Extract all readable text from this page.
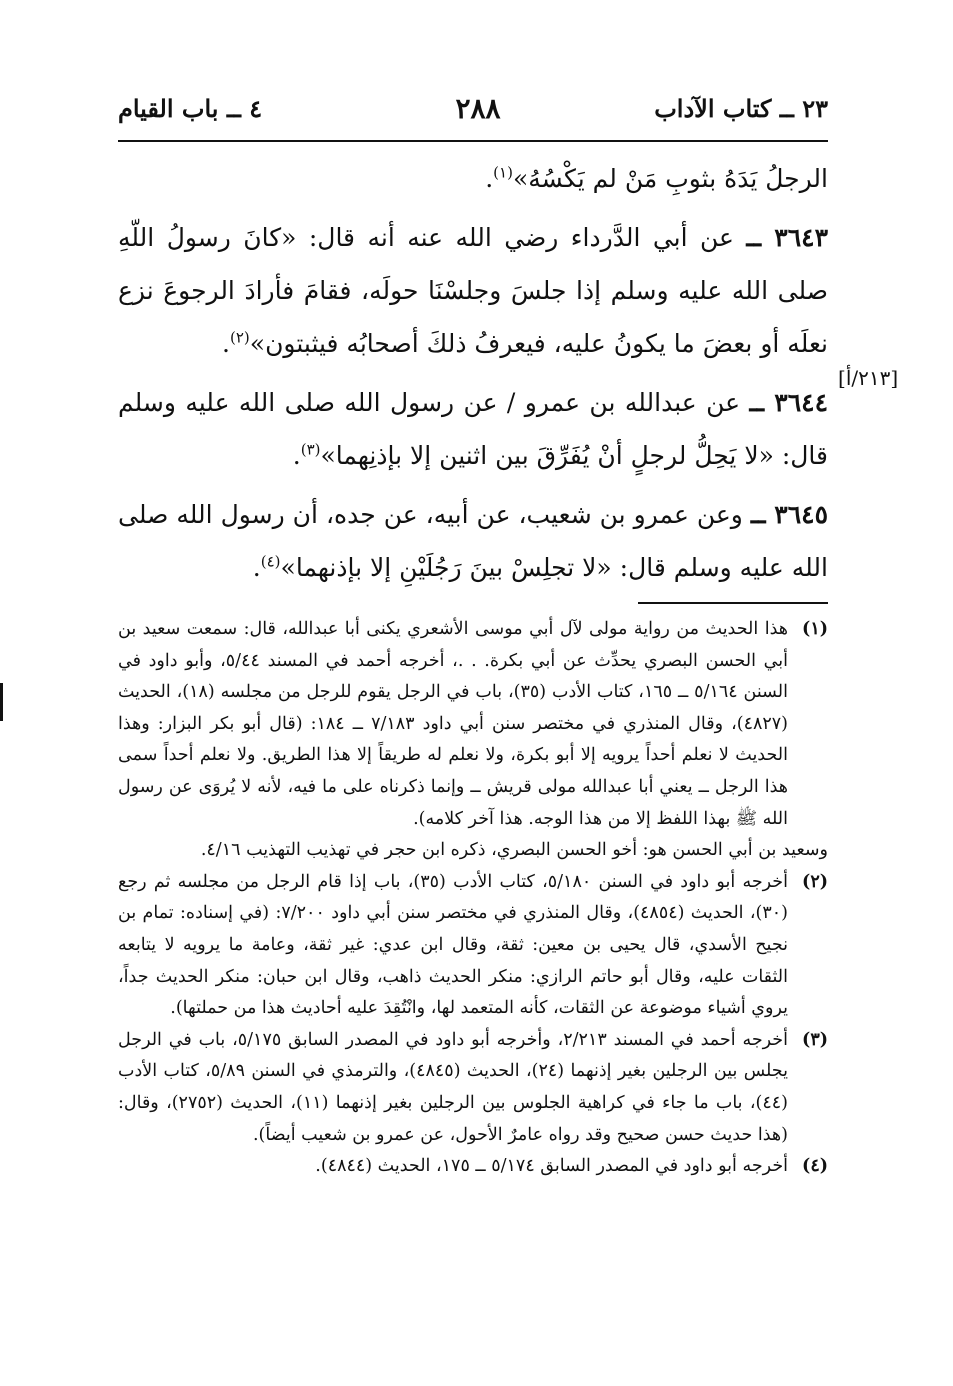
٢٣ ــ كتاب الآداب
٢٨٨
٤ ــ باب القيام
[٢١٣/أ]

الرجلُ يَدَهُ بثوبِ مَنْ لم يَكْسُهُ»$^{(١)}$.

٣٦٤٣ ــ عن أبي الدَّرداء رضي الله عنه أنه قال: «كانَ رسولُ اللّهِ صلى الله عليه وسلم إذا جلسَ وجلسْنَا حولَه، فقامَ فأرادَ الرجوعَ نزع نعلَه أو بعضَ ما يكونُ عليه، فيعرفُ ذلكَ أصحابُه فيثبتون»$^{(٢)}$.

٣٦٤٤ ــ عن عبدالله بن عمرو / عن رسول الله صلى الله عليه وسلم قال: «لا يَحِلُّ لرجلٍ أنْ يُفَرِّقَ بين اثنين إلا بإذنِهما»$^{(٣)}$.

٣٦٤٥ ــ وعن عمرو بن شعيب، عن أبيه، عن جده، أن رسول الله صلى الله عليه وسلم قال: «لا تجلِسْ بينَ رَجُلَيْنِ إلا بإذنهما»$^{(٤)}$.

(١)
هذا الحديث من رواية مولى لآل أبي موسى الأشعري يكنى أبا عبدالله، قال: سمعت سعيد بن أبي الحسن البصري يحدِّث عن أبي بكرة. . .، أخرجه أحمد في المسند ٥/٤٤، وأبو داود في السنن ٥/١٦٤ ــ ١٦٥، كتاب الأدب (٣٥)، باب في الرجل يقوم للرجل من مجلسه (١٨)، الحديث (٤٨٢٧)، وقال المنذري في مختصر سنن أبي داود ٧/١٨٣ ــ ١٨٤: (قال أبو بكر البزار: وهذا الحديث لا نعلم أحداً يرويه إلا أبو بكرة، ولا نعلم له طريقاً إلا هذا الطريق. ولا نعلم أحداً سمى هذا الرجل ــ يعني أبا عبدالله مولى قريش ــ وإنما ذكرناه على ما فيه، لأنه لا يُروَى عن رسول الله ﷺ بهذا اللفظ إلا من هذا الوجه. هذا آخر كلامه).

وسعيد بن أبي الحسن هو: أخو الحسن البصري، ذكره ابن حجر في تهذيب التهذيب ٤/١٦.

(٢)
أخرجه أبو داود في السنن ٥/١٨٠، كتاب الأدب (٣٥)، باب إذا قام الرجل من مجلسه ثم رجع (٣٠)، الحديث (٤٨٥٤)، وقال المنذري في مختصر سنن أبي داود ٧/٢٠٠: (في إسناده: تمام بن نجيح الأسدي، قال يحيى بن معين: ثقة، وقال ابن عدي: غير ثقة، وعامة ما يرويه لا يتابعه الثقات عليه، وقال أبو حاتم الرازي: منكر الحديث ذاهب، وقال ابن حبان: منكر الحديث جداً، يروي أشياء موضوعة عن الثقات، كأنه المتعمد لها، وانْتُقِدَ عليه أحاديث هذا من حملتها).

(٣)
أخرجه أحمد في المسند ٢/٢١٣، وأخرجه أبو داود في المصدر السابق ٥/١٧٥، باب في الرجل يجلس بين الرجلين بغير إذنهما (٢٤)، الحديث (٤٨٤٥)، والترمذي في السنن ٥/٨٩، كتاب الأدب (٤٤)، باب ما جاء في كراهية الجلوس بين الرجلين بغير إذنهما (١١)، الحديث (٢٧٥٢)، وقال: (هذا حديث حسن صحيح وقد رواه عامرٌ الأحول، عن عمرو بن شعيب أيضاً).

(٤)
أخرجه أبو داود في المصدر السابق ٥/١٧٤ ــ ١٧٥، الحديث (٤٨٤٤).
